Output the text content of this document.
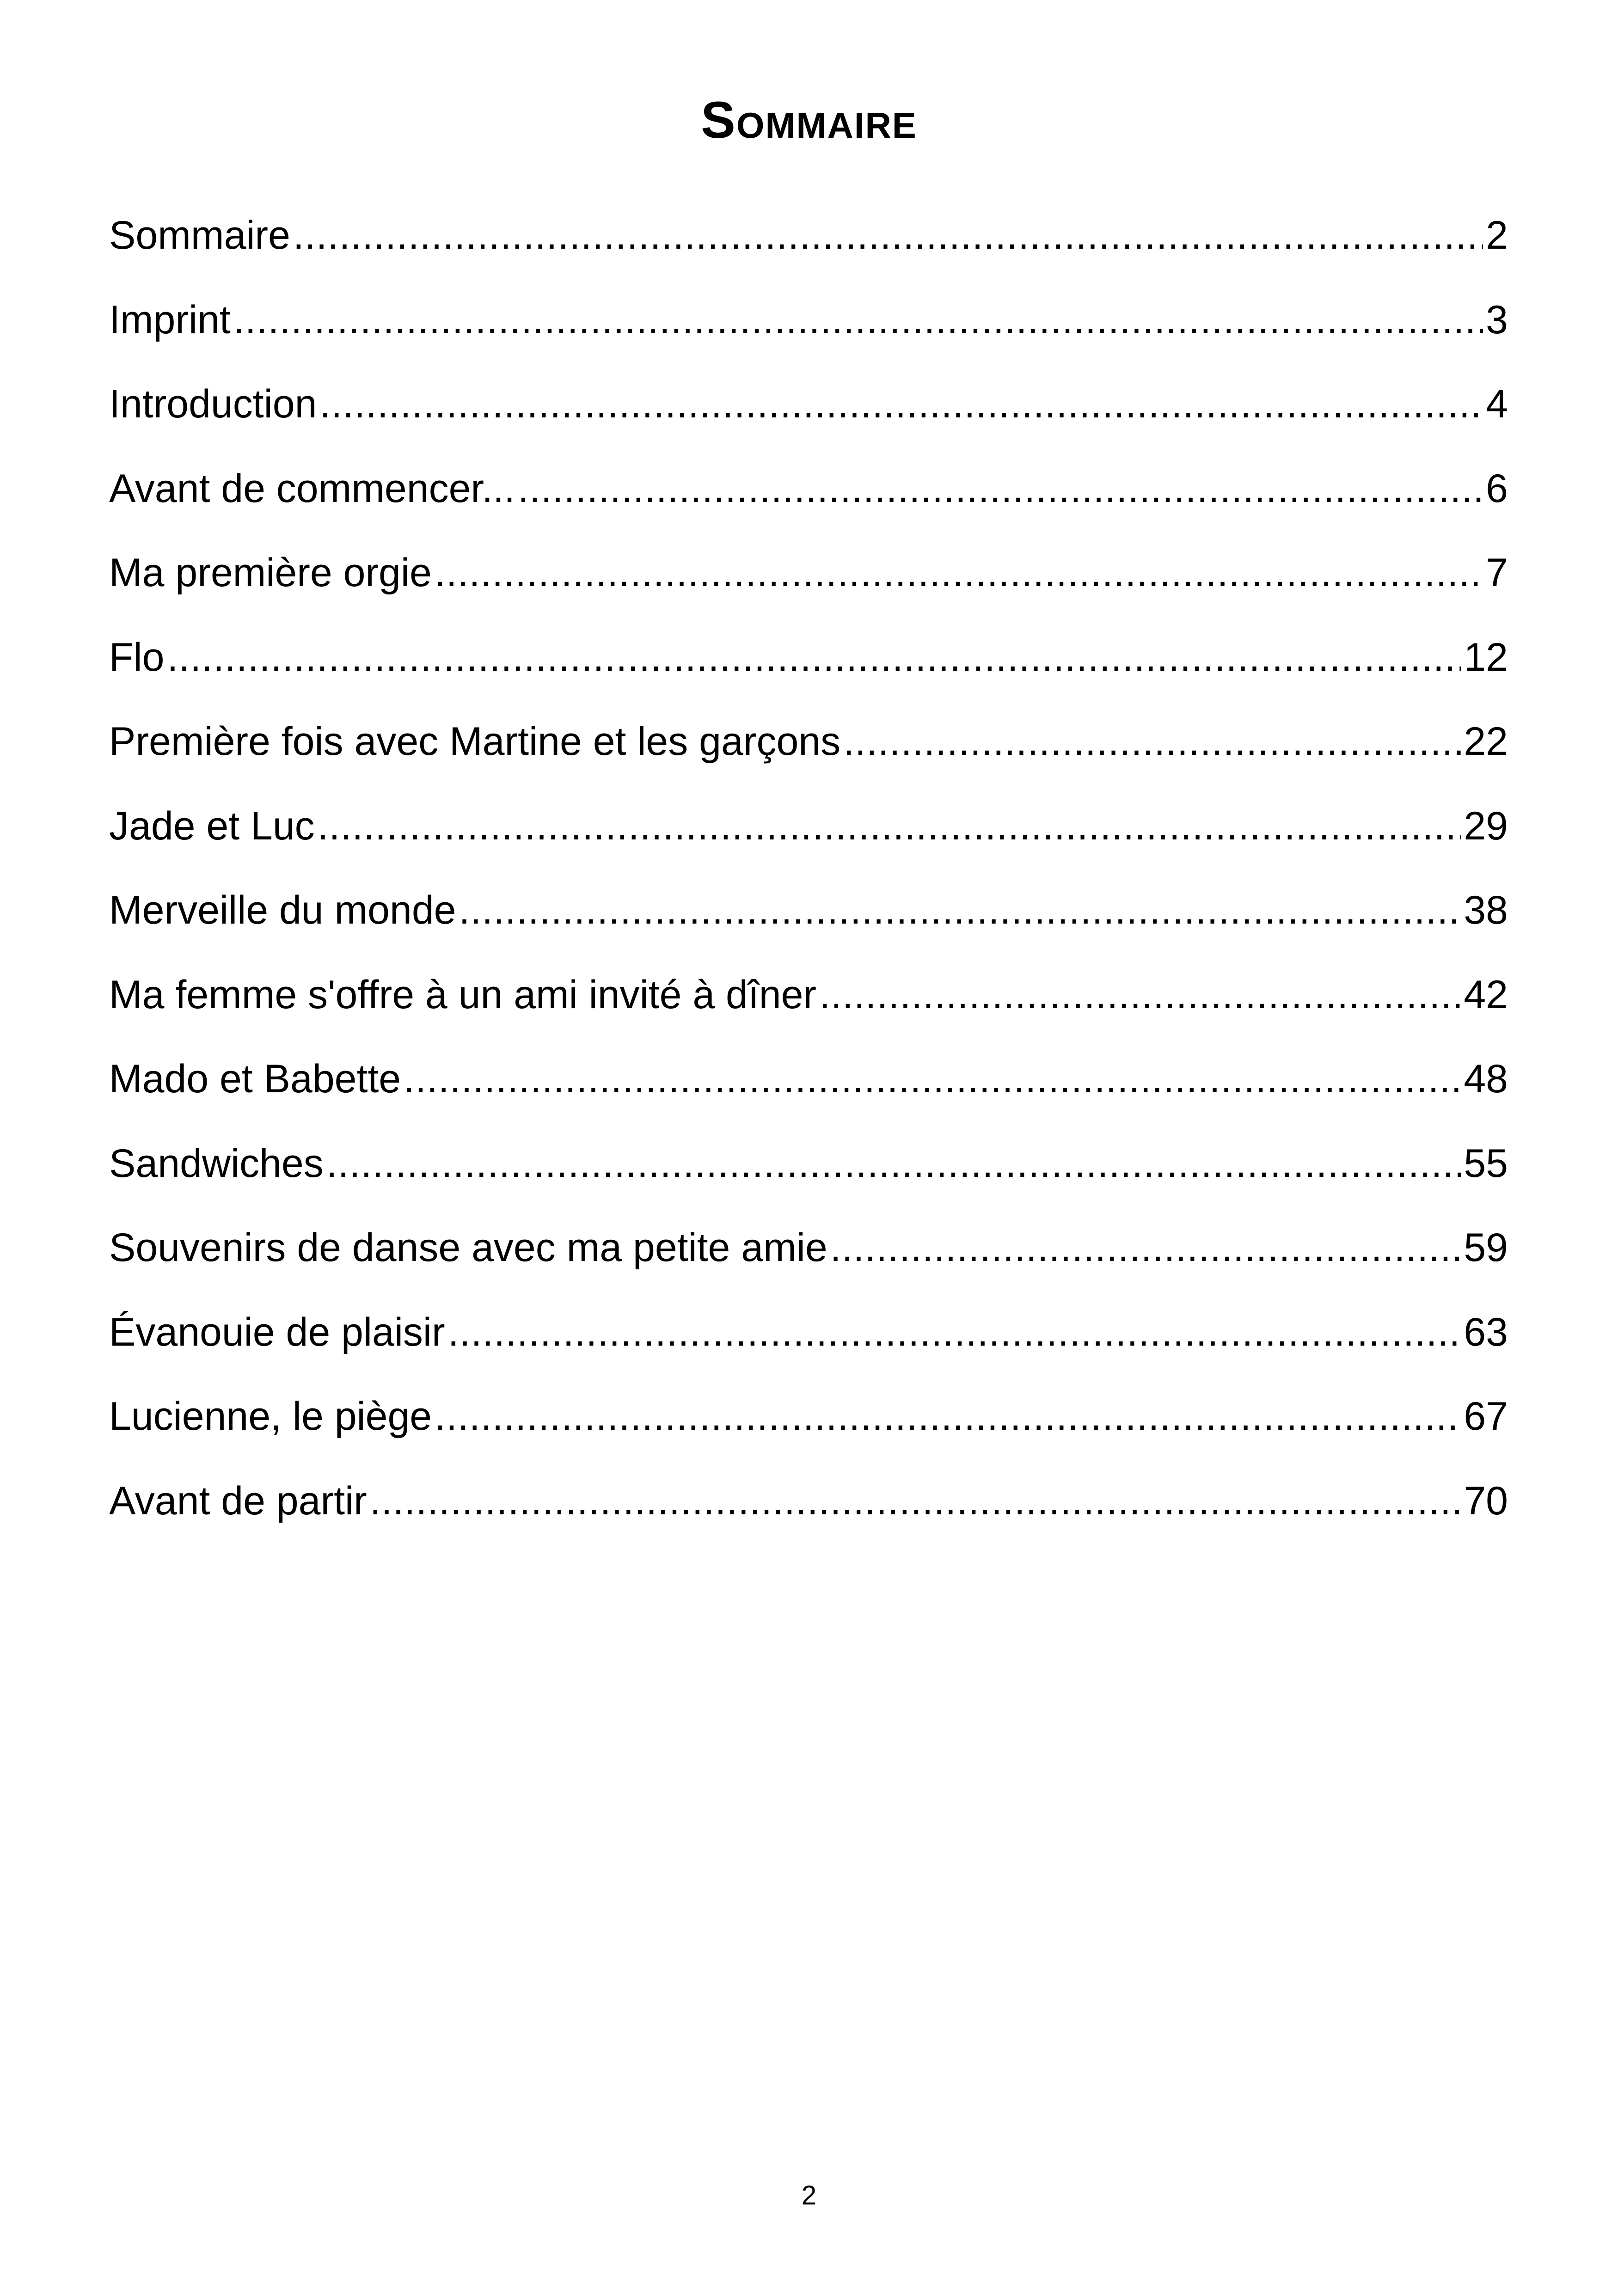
Sommaire
Sommaire .....	2
Imprint .....	3
Introduction .....	4
Avant de commencer... .....	6
Ma première orgie .....	7
Flo .....	12
Première fois avec Martine et les garçons .....	22
Jade et Luc .....	29
Merveille du monde .....	38
Ma femme s'offre à un ami invité à dîner .....	42
Mado et Babette .....	48
Sandwiches .....	55
Souvenirs de danse avec ma petite amie .....	59
Évanouie de plaisir .....	63
Lucienne, le piège .....	67
Avant de partir .....	70
2
